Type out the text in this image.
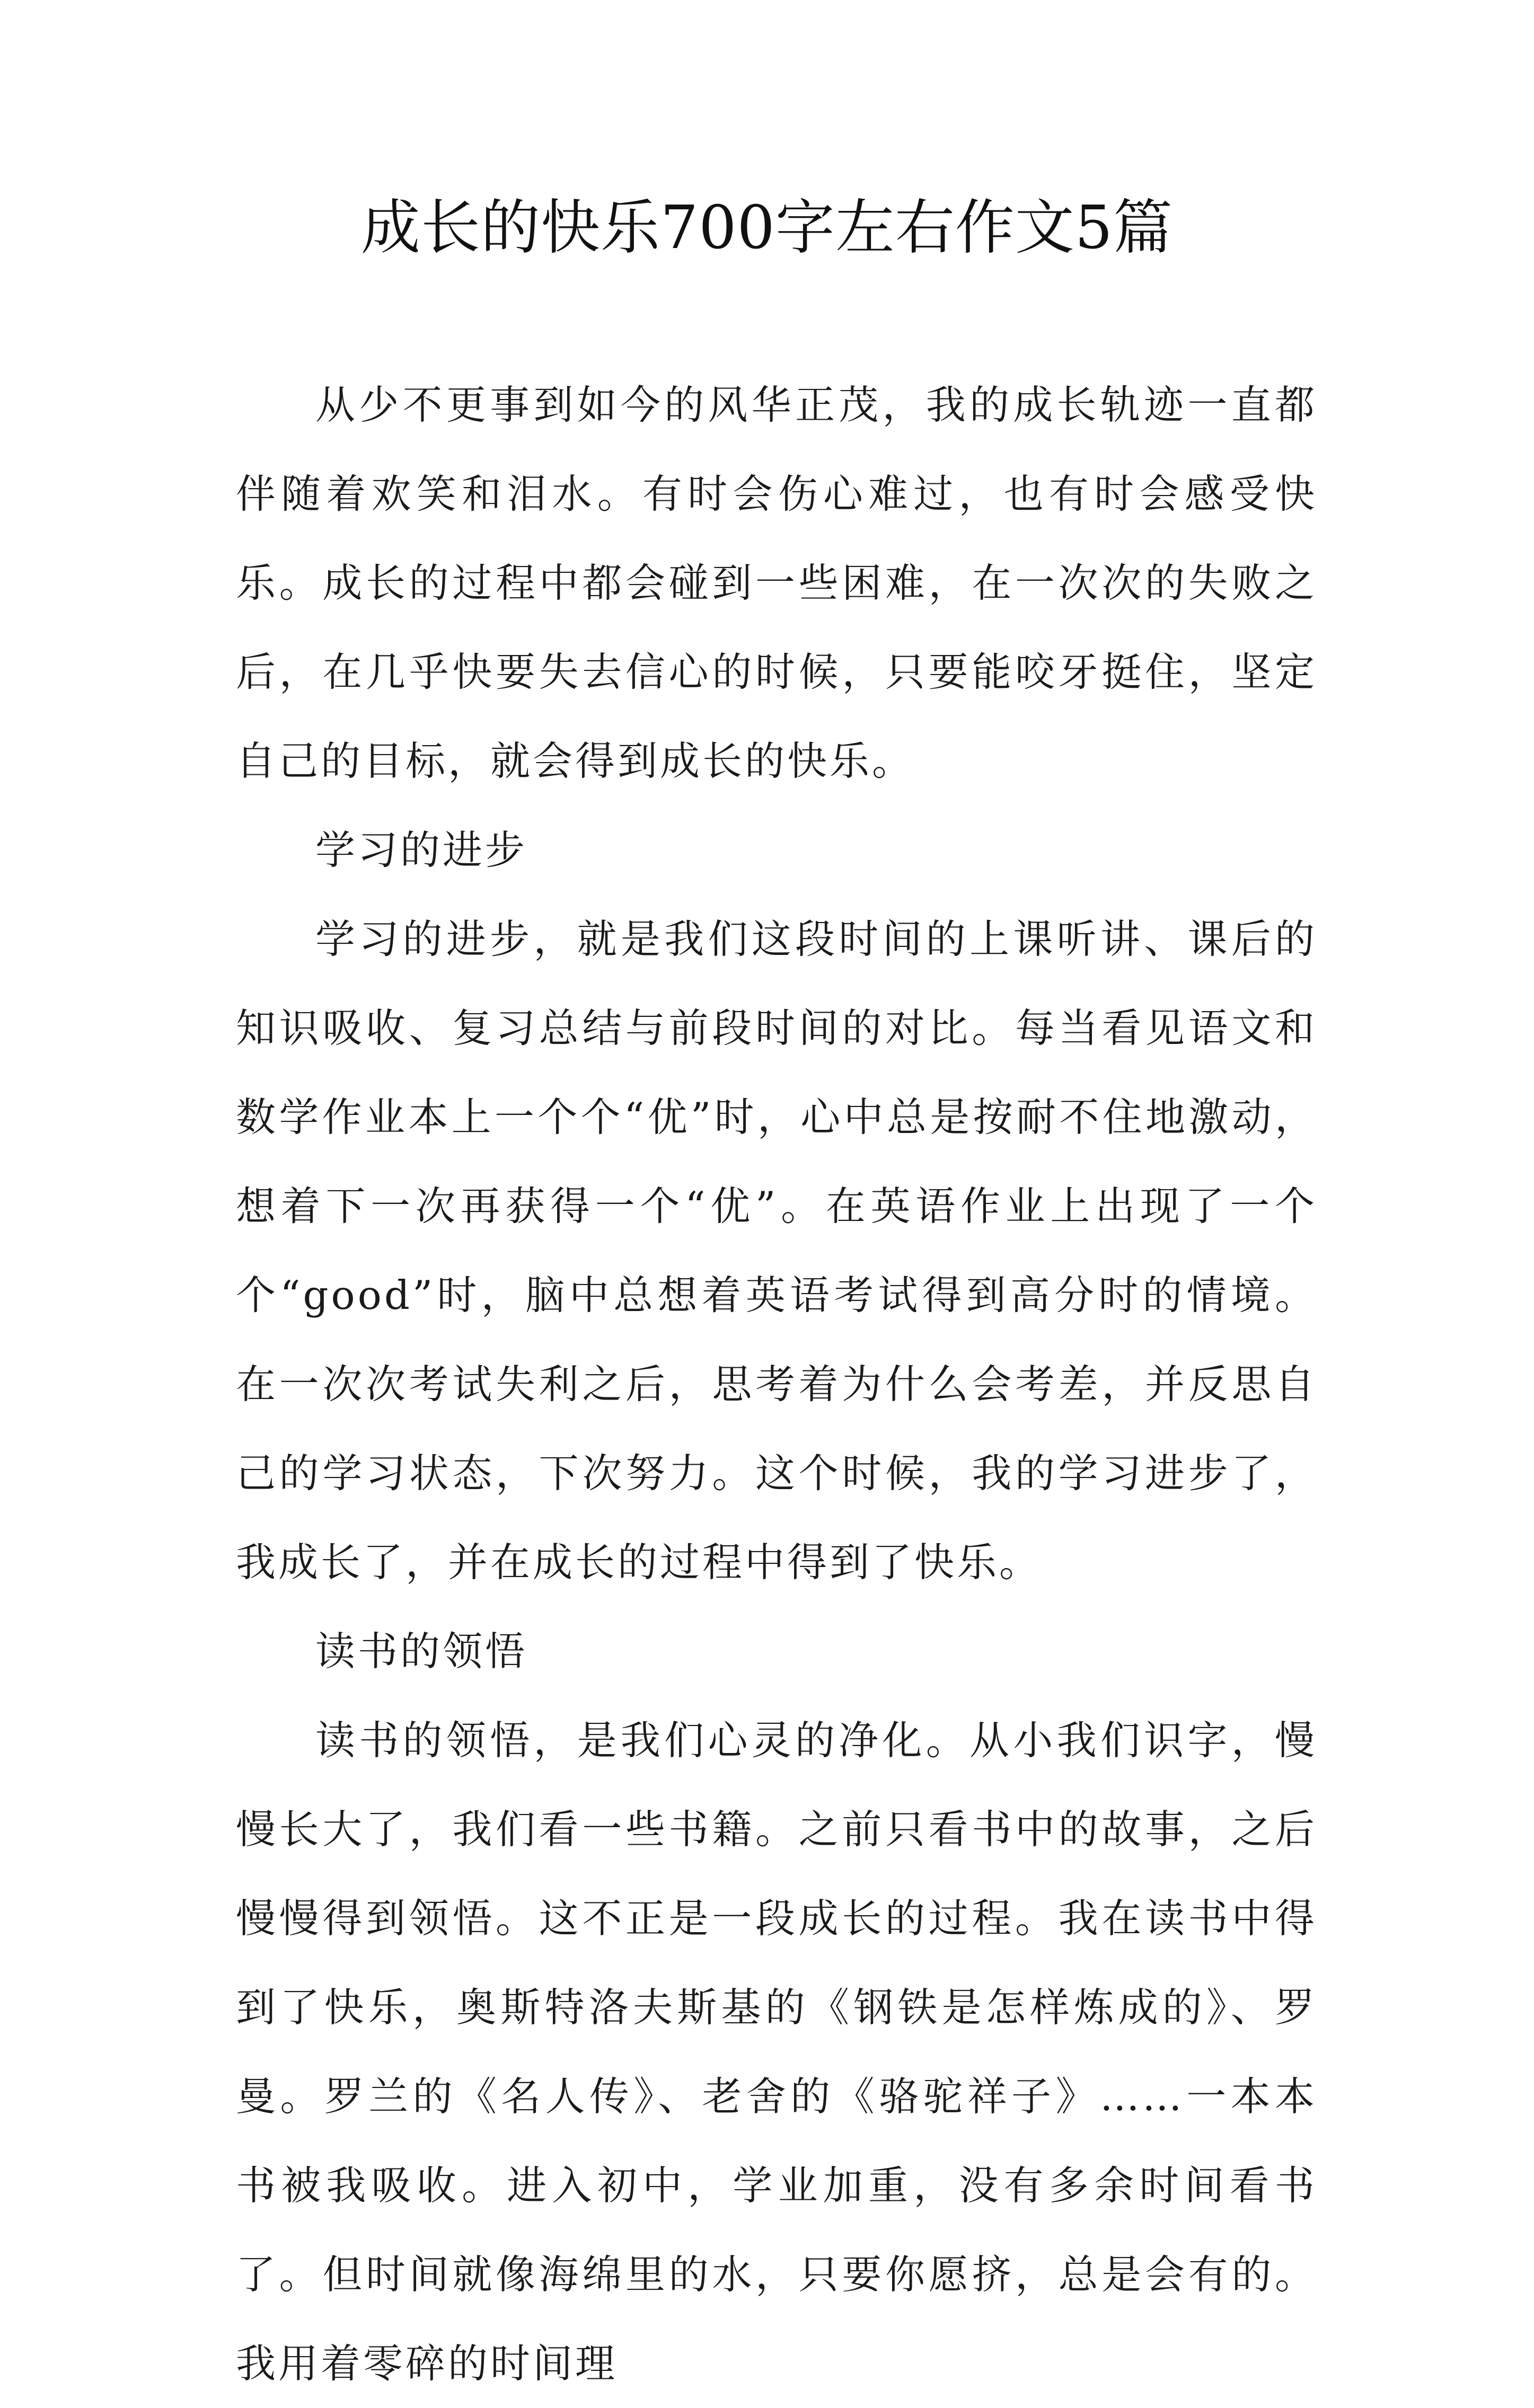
成长的快乐700字左右作文5篇

从少不更事到如今的风华正茂，我的成长轨迹一直都伴随着欢笑和泪水。有时会伤心难过，也有时会感受快乐。成长的过程中都会碰到一些困难，在一次次的失败之后，在几乎快要失去信心的时候，只要能咬牙挺住，坚定自己的目标，就会得到成长的快乐。

学习的进步

学习的进步，就是我们这段时间的上课听讲、课后的知识吸收、复习总结与前段时间的对比。每当看见语文和数学作业本上一个个“优”时，心中总是按耐不住地激动，想着下一次再获得一个“优”。在英语作业上出现了一个个“good”时，脑中总想着英语考试得到高分时的情境。在一次次考试失利之后，思考着为什么会考差，并反思自己的学习状态，下次努力。这个时候，我的学习进步了，我成长了，并在成长的过程中得到了快乐。

读书的领悟

读书的领悟，是我们心灵的净化。从小我们识字，慢慢长大了，我们看一些书籍。之前只看书中的故事，之后慢慢得到领悟。这不正是一段成长的过程。我在读书中得到了快乐，奥斯特洛夫斯基的《钢铁是怎样炼成的》、罗曼。罗兰的《名人传》、老舍的《骆驼祥子》……一本本书被我吸收。进入初中，学业加重，没有多余时间看书了。但时间就像海绵里的水，只要你愿挤，总是会有的。我用着零碎的时间理
